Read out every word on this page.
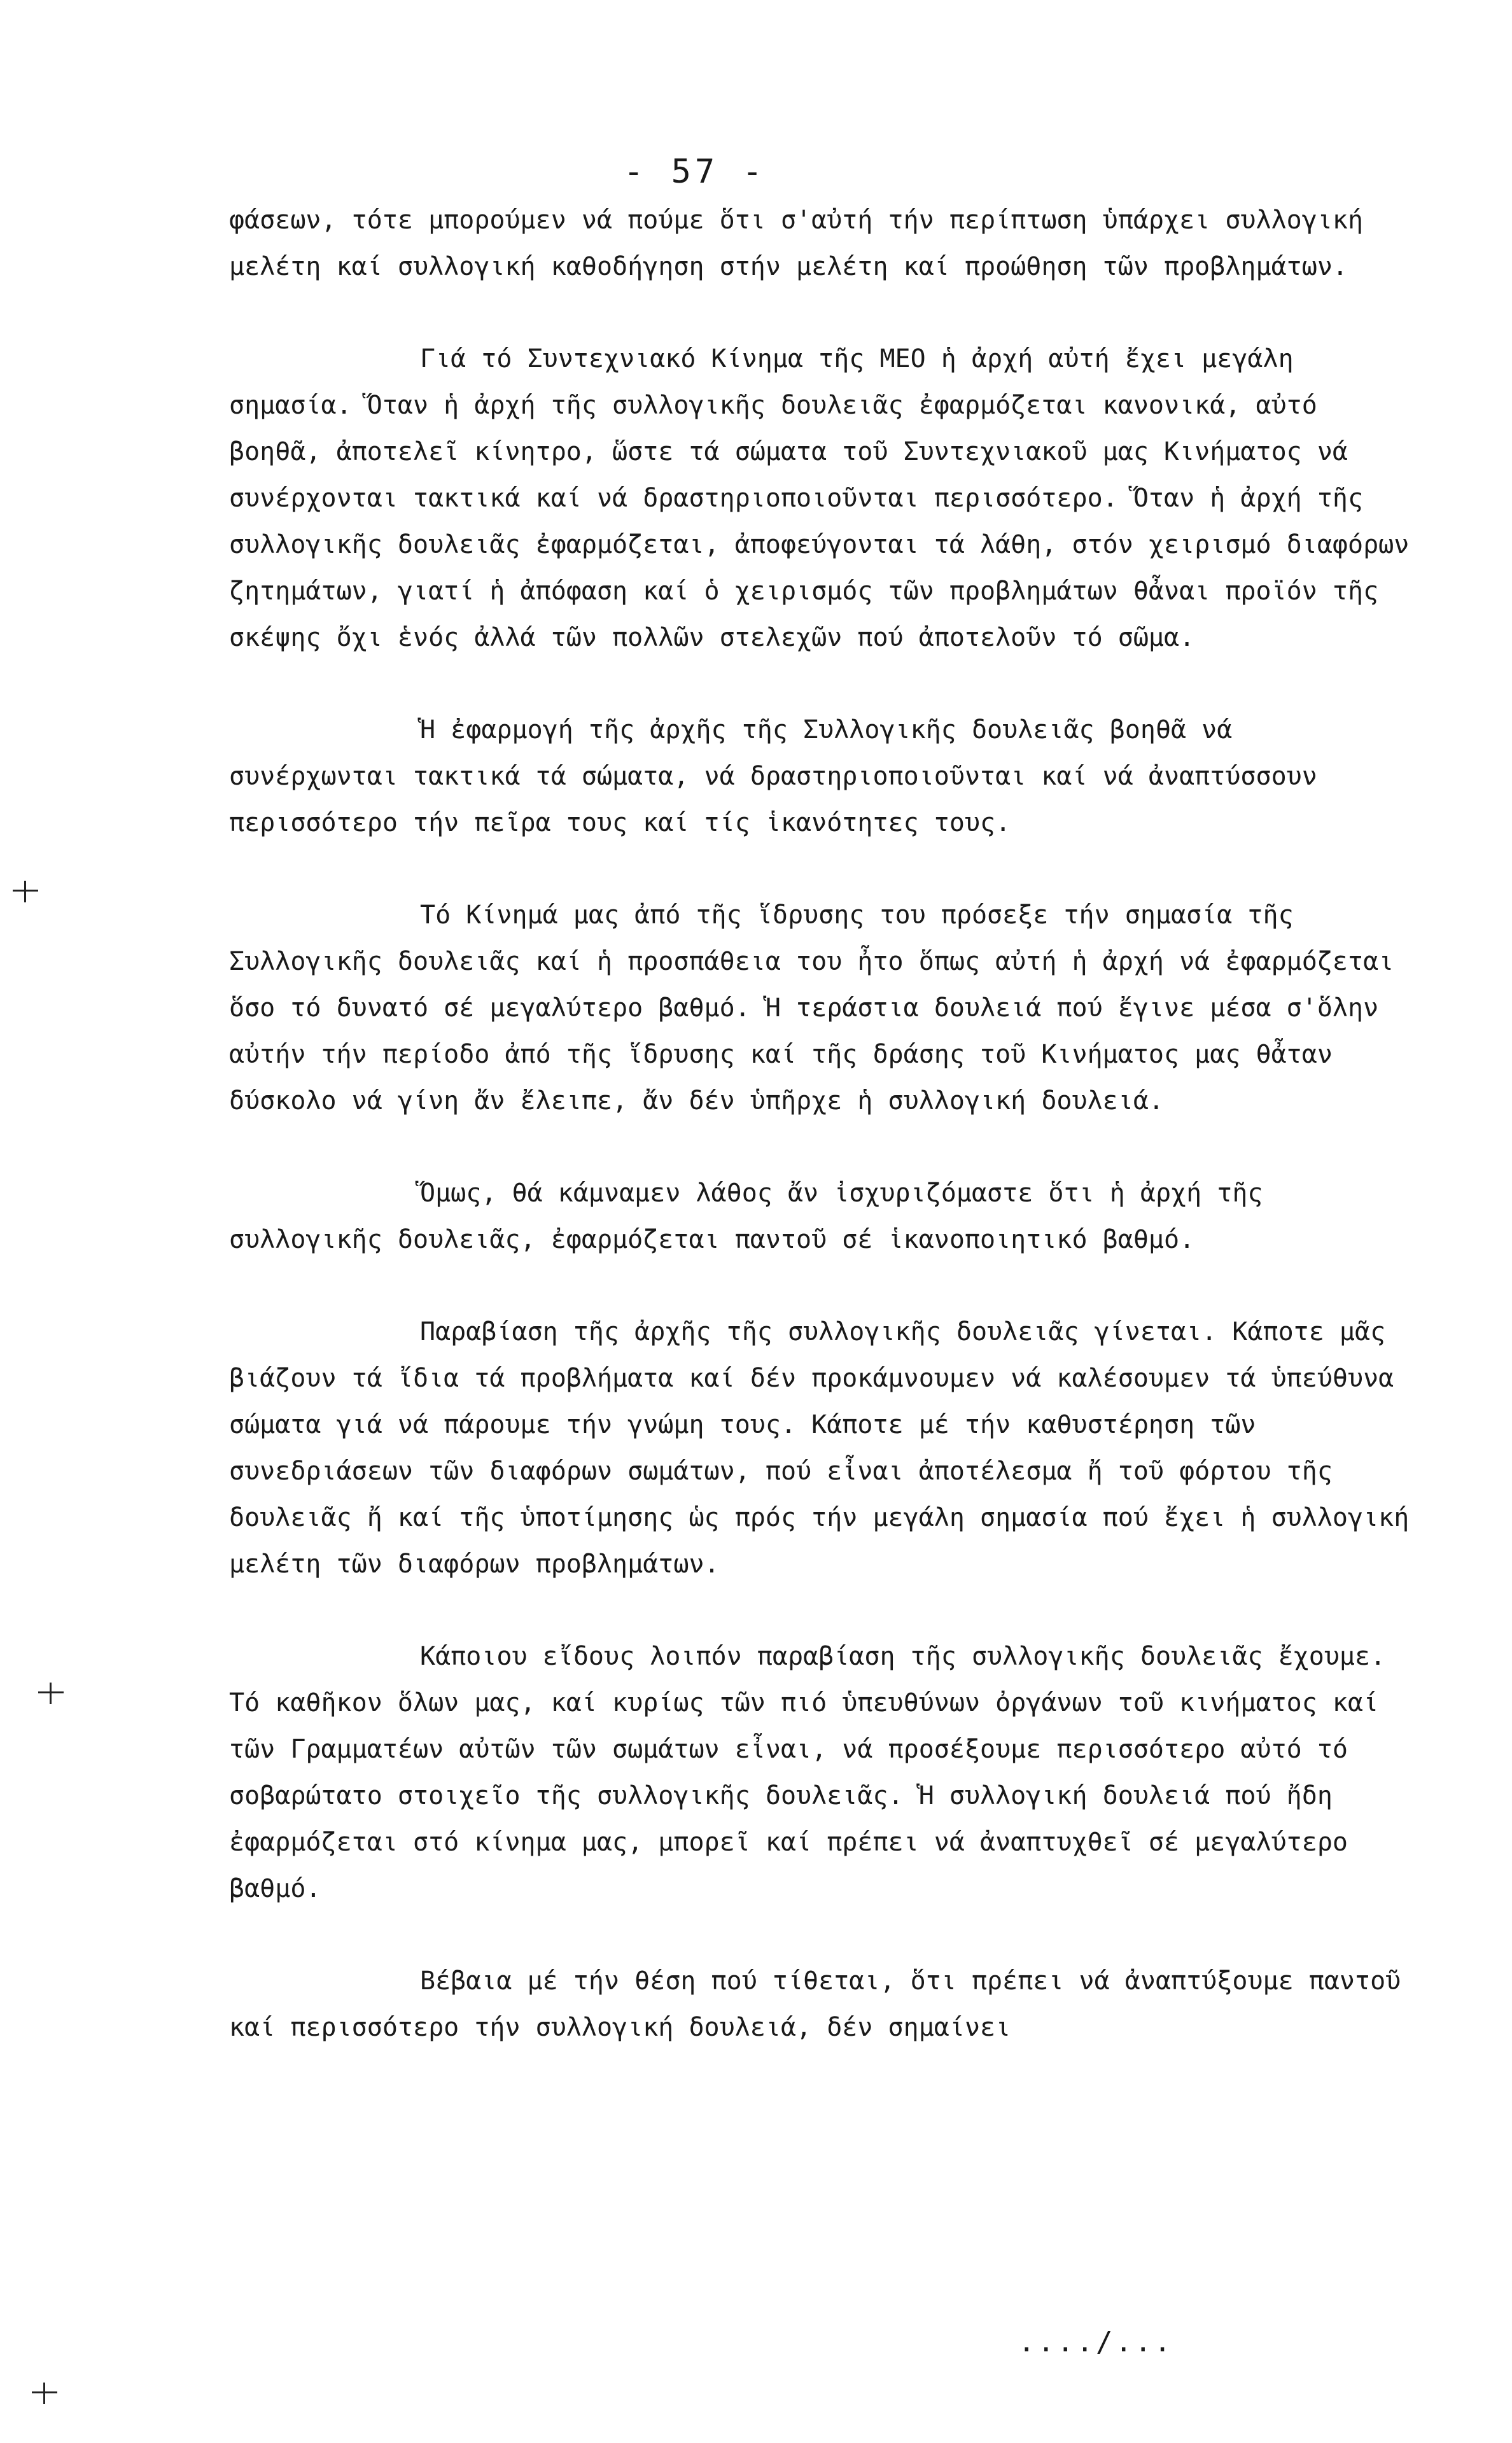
- 57 -

φάσεων, τότε μπορούμεν νά πούμε ὅτι σ'αὐτή τήν περίπτωση ὑπάρχει συλλογική μελέτη καί συλλογική καθοδήγηση στήν μελέτη καί προώθηση τῶν προβλημάτων.

Γιά τό Συντεχνιακό Κίνημα τῆς ΜΕΟ ἡ ἀρχή αὐτή ἔχει μεγάλη σημασία. Ὅταν ἡ ἀρχή τῆς συλλογικῆς δουλειᾶς ἐφαρμόζεται κανονικά, αὐτό βοηθᾶ, ἀποτελεῖ κίνητρο, ὥστε τά σώματα τοῦ Συντεχνιακοῦ μας Κινήματος νά συνέρχονται τακτικά καί νά δραστηριοποιοῦνται περισσότερο. Ὅταν ἡ ἀρχή τῆς συλλογικῆς δουλειᾶς ἐφαρμόζεται, ἀποφεύγονται τά λάθη, στόν χειρισμό διαφόρων ζητημάτων, γιατί ἡ ἀπόφαση καί ὁ χειρισμός τῶν προβλημάτων θἆναι προϊόν τῆς σκέψης ὄχι ἑνός ἀλλά τῶν πολλῶν στελεχῶν πού ἀποτελοῦν τό σῶμα.

Ἡ ἐφαρμογή τῆς ἀρχῆς τῆς Συλλογικῆς δουλειᾶς βοηθᾶ νά συνέρχωνται τακτικά τά σώματα, νά δραστηριοποιοῦνται καί νά ἀναπτύσσουν περισσότερο τήν πεῖρα τους καί τίς ἱκανότητες τους.

Τό Κίνημά μας ἀπό τῆς ἵδρυσης του πρόσεξε τήν σημασία τῆς Συλλογικῆς δουλειᾶς καί ἡ προσπάθεια του ἦτο ὅπως αὐτή ἡ ἀρχή νά ἐφαρμόζεται ὅσο τό δυνατό σέ μεγαλύτερο βαθμό. Ἡ τεράστια δουλειά πού ἔγινε μέσα σ'ὅλην αὐτήν τήν περίοδο ἀπό τῆς ἵδρυσης καί τῆς δράσης τοῦ Κινήματος μας θἆταν δύσκολο νά γίνη ἄν ἔλειπε, ἄν δέν ὑπῆρχε ἡ συλλογική δουλειά.

Ὅμως, θά κάμναμεν λάθος ἄν ἰσχυριζόμαστε ὅτι ἡ ἀρχή τῆς συλλογικῆς δουλειᾶς, ἐφαρμόζεται παντοῦ σέ ἱκανοποιητικό βαθμό.

Παραβίαση τῆς ἀρχῆς τῆς συλλογικῆς δουλειᾶς γίνεται. Κάποτε μᾶς βιάζουν τά ἴδια τά προβλήματα καί δέν προκάμνουμεν νά καλέσουμεν τά ὑπεύθυνα σώματα γιά νά πάρουμε τήν γνώμη τους. Κάποτε μέ τήν καθυστέρηση τῶν συνεδριάσεων τῶν διαφόρων σωμάτων, πού εἶναι ἀποτέλεσμα ἤ τοῦ φόρτου τῆς δουλειᾶς ἤ καί τῆς ὑποτίμησης ὡς πρός τήν μεγάλη σημασία πού ἔχει ἡ συλλογική μελέτη τῶν διαφόρων προβλημάτων.

Κάποιου εἴδους λοιπόν παραβίαση τῆς συλλογικῆς δουλειᾶς ἔχουμε. Τό καθῆκον ὅλων μας, καί κυρίως τῶν πιό ὑπευθύνων ὀργάνων τοῦ κινήματος καί τῶν Γραμματέων αὐτῶν τῶν σωμάτων εἶναι, νά προσέξουμε περισσότερο αὐτό τό σοβαρώτατο στοιχεῖο τῆς συλλογικῆς δουλειᾶς. Ἡ συλλογική δουλειά πού ἤδη ἐφαρμόζεται στό κίνημα μας, μπορεῖ καί πρέπει νά ἀναπτυχθεῖ σέ μεγαλύτερο βαθμό.

Βέβαια μέ τήν θέση πού τίθεται, ὅτι πρέπει νά ἀναπτύξουμε παντοῦ καί περισσότερο τήν συλλογική δουλειά, δέν σημαίνει

..../...
